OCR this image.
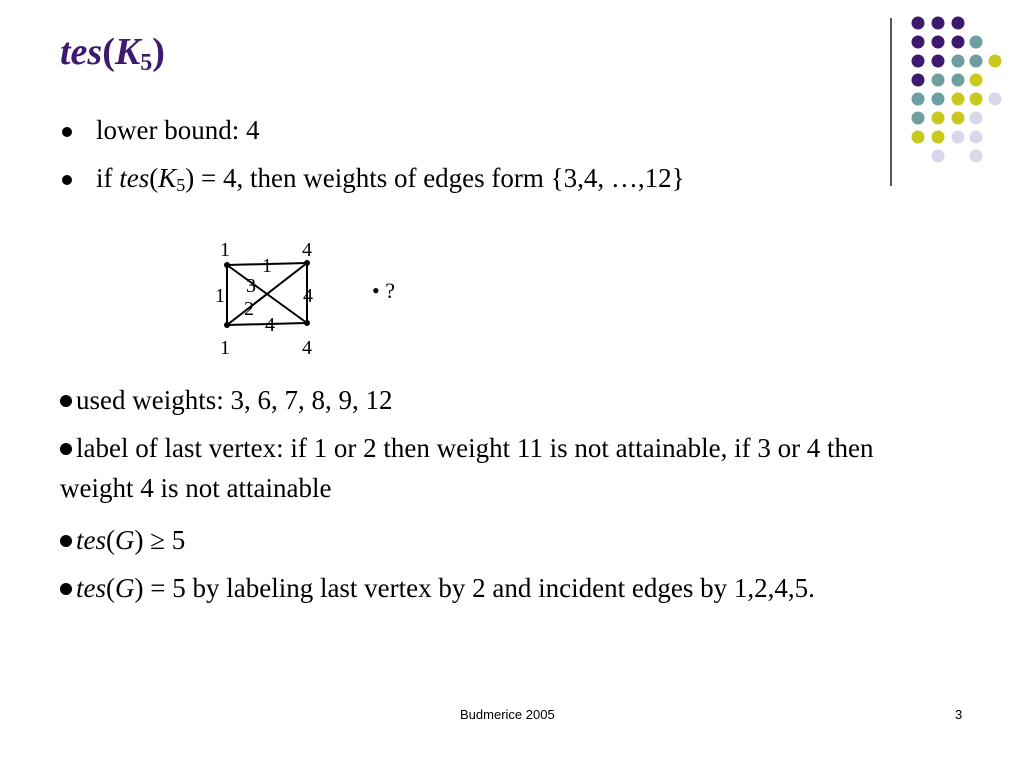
$tes(K_5)$
lower bound: 4
if $tes(K_5) = 4$, then weights of edges form {3,4, …,12}
1	4
1	4
1
1	4
4
3
2
• ?
used weights: 3, 6, 7, 8, 9, 12
label of last vertex: if 1 or 2 then weight 11 is not attainable, if 3 or 4 then weight 4 is not attainable
tes(G) ≥ 5
tes(G) = 5 by labeling last vertex by 2 and incident edges by 1,2,4,5.
Budmerice 2005	3
